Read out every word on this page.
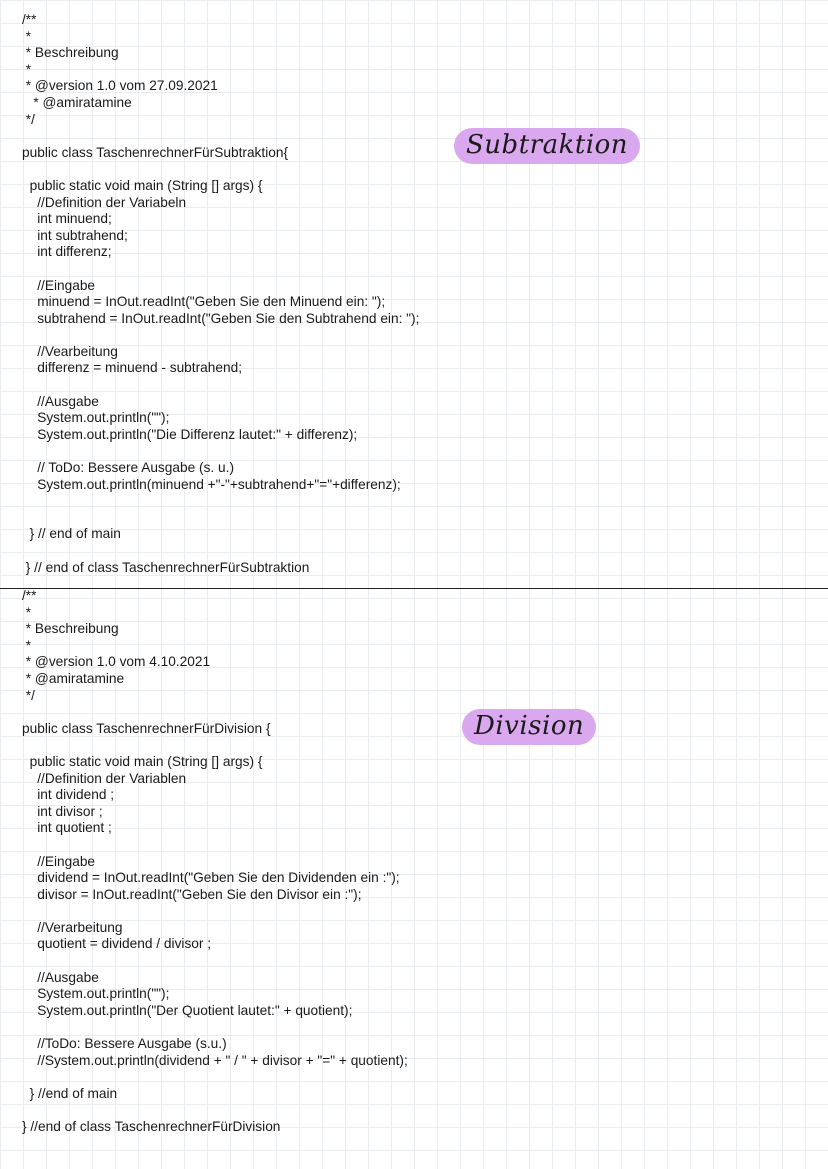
/**
*
* Beschreibung
*
* @version 1.0 vom 27.09.2021
* @amiratamine
*/
public class TaschenrechnerFürSubtraktion{
public static void main (String [] args) {
//Definition der Variabeln
int minuend;
int subtrahend;
int differenz;
//Eingabe
minuend = InOut.readInt("Geben Sie den Minuend ein: ");
subtrahend = InOut.readInt("Geben Sie den Subtrahend ein: ");
//Vearbeitung
differenz = minuend - subtrahend;
//Ausgabe
System.out.println("");
System.out.println("Die Differenz lautet:" + differenz);
// ToDo: Bessere Ausgabe (s. u.)
System.out.println(minuend +"-"+subtrahend+"="+differenz);
} // end of main
} // end of class TaschenrechnerFürSubtraktion
Subtraktion
/**
*
* Beschreibung
*
* @version 1.0 vom 4.10.2021
* @amiratamine
*/
public class TaschenrechnerFürDivision {
public static void main (String [] args) {
//Definition der Variablen
int dividend ;
int divisor ;
int quotient ;
//Eingabe
dividend = InOut.readInt("Geben Sie den Dividenden ein :");
divisor = InOut.readInt("Geben Sie den Divisor ein :");
//Verarbeitung
quotient = dividend / divisor ;
//Ausgabe
System.out.println("");
System.out.println("Der Quotient lautet:" + quotient);
//ToDo: Bessere Ausgabe (s.u.)
//System.out.println(dividend + " / " + divisor + "=" + quotient);
} //end of main
} //end of class TaschenrechnerFürDivision
Division
